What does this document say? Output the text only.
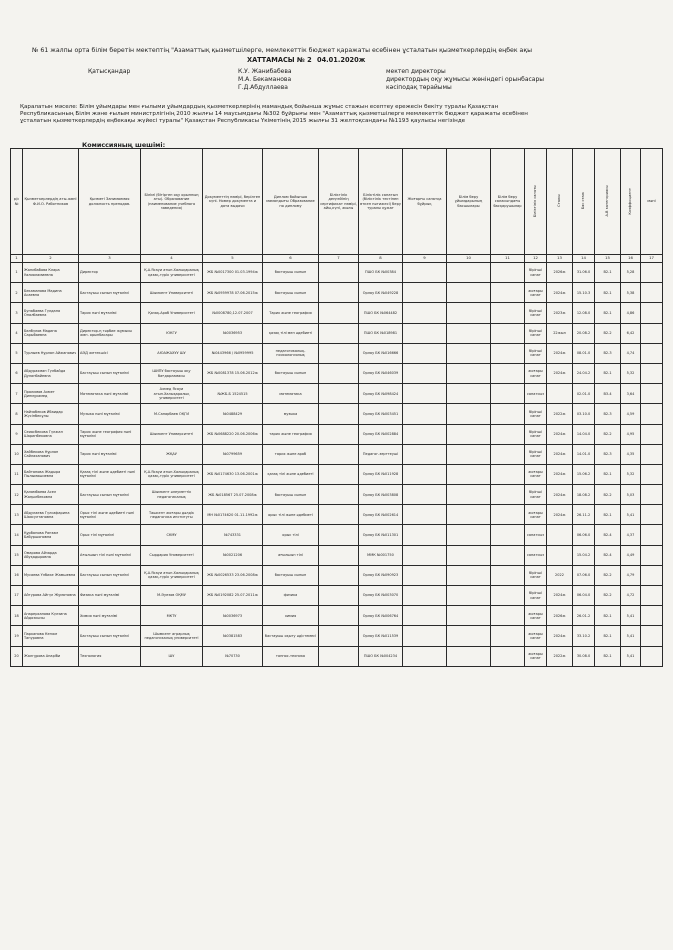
№ 61 жалпы орта білім беретін мектептің "Азаматтық қызметшілерге, мемлекеттік бюджет қаражаты есебінен ұсталатын қызметкерлердің еңбек ақы
ХАТТАМАСЫ № 2 04.01.2020ж
Қатысқандар	К.У. Жанибабева	мектеп директоры
М.А. Бекаманова	директордың оқу жұмысы жөніндегі орынбасары
Г.Д.Абдуллаева	кәсіподақ төрайымы
Қаралатын мәселе: Білім ұйымдары мен ғылыми ұйымдардың қызметкерлерінің мамандық бойынша жұмыс стажын есептеу ережесін бекіту туралы Қазақстан
Республикасының Білім және ғылым министрлігінің 2010 жылғы 14 маусымдағы №302 бұйрығы мен "Азаматтық қызметшілерге мемлекеттік бюджет қаражаты есебінен
ұсталатын қызметкерлердің еңбекақы жүйесі туралы" Қазақстан Республикасы Үкіметінің 2015 жылғы 31 желтоқсандағы №1193 қаулысы негізінде
Комиссияның шешімі:
р/с №	Қызметкерлердің аты-жөні Ф.И.О. Работников	Қызметі Занимаемая должность преподав.	Білімі (бітірген оқу орынның аты). Образование (наименование учебного заведения)	Документтің нөмірі, берілген күні. Номер документа и дата выдачи	Диплом бойынша мамандығы Образование по диплому	Біліктілік деңгейінің сертификат нөмірі, айы,күні, жылы	Біліктілік санатын (біліктілік тестінен өткен нәтижесі) беру туралы құжат	Жоғарғы санатқа бұйрық	Білім беру ұйымдарының басшылары	Білім беру саласындағы басқарушылар	Біліктілік санаты	Стажы	Бас стаж	A-B категориясы	Коэффициент	мәні
1	2	3	4	5	6	7	8	9	10	11	12	13	14	15	16	17
1	Жанибабова Клара Уалиоламиевна	Директор	Қ.А.Ясауи атын.Халықаралық қазақ-түрік университеті	ЖБ №0017300 01.03.1994ж	бастауыш сынып		ПШО БК №00384				бірінші санат	2026ж	31.06.0	B2-1	5,28	
2	Бекаманова Мадина Асаевна	Бастауыш сынып мұғалімі	Шымкент Университеті	ЖБ №0959978 07.06.2015ж	бастауыш сынып		Орлау БК №049228				жоғары санат	2024ж	15.10.3	B2-1	5,38	
3	Бупабаева Гүлдана Оналбаевна	Тарих пәні мұғалімі	Қазақ-Араб Университеті	№0008780,12.07.2007	Тарих және география		ПШО БК №064482				бірінші санат	2023ж	12.08.0	B2-1	4,86	
4	Бөлбүлов Мадина Сарыбаевна	Директор-ң тәрбие жұмысы жөн. орынбасары	ЮКГУ	№0036953	қазақ тілі мен әдебиеті		ПШО БК №018981				бірінші санат	22жыл	20.08.2	B2-2	6,42	
5	Турлыев Нұрлан Айжанович	АӘД жетекшісі	АЮАЖАХУУ ШУ	№0443966 / №0959995	педагогикалық-психологиялық		Орлау БК №016666				бірінші санат	2024ж	08.01.0	B2-3	4,74	
6	Абдурахман Гүлбайда Дуланбайевна	Бастауыш сынып мұғалімі	ШИПУ бастауыш оқу бағдарламасы	ЖБ №0081378 15.06.2012ж	бастауыш сынып		Орлау БК №046039				жоғары санат	2024ж	24.04.2	B2-1	5,32	
7	Пралимов Ахмет Динмұхамед	Математика пәні мұғалімі	Ахмед Ясауи атын.Халықаралық университеті	№ЖБ-Б 1524515	математика		Орлау БК №098424				санатсыз		02.01.0	B3-4	3,64	
8	Найзабеков Ибаидар Жүсіпбекұлы	Музыка пәні мұғалімі	М.Сапарбаев ОҚГИ	№0488429	музыка		Орлау БК №003451				бірінші санат	2022ж	03.10.0	B2-3	4,59	
9	Сеиасбекова Гүлжан Шарипбековна	Тарих және география пәні мұғалімі	Шымкент Университеті	ЖБ №0688220 20.06.2006ж	тарих және география		Орлау БК №002884				бірінші санат	2024ж	14.04.0	B2-2	4,95	
10	Хайбекова Нұрлан Сайлаханович	Тарих пәні мұғалімі	ЖҚАУ	№0799659	тарих және араб		Педагог-зерттеуші				бірінші санат	2024ж	14.01.0	B2-3	4,35	
11	Байтанова Жадыра Пылымашиевна	Қазақ тілі және әдебиеті пәні мұғалімі	Қ.А.Ясауи атын.Халықаралық қазақ-түрік университеті	ЖБ №0174630 13.06.2001ж	қазақ тілі және әдебиеті		Орлау БК №011928				жоғары санат	2024ж	15.06.2	B2-1	5,32	
12	Қаламбаева Асел Жаңылбековна	Бастауыш сынып мұғалімі	Шымкент әлеуметтік педагогикалық	ЖБ №018567 25.07.2008ж	бастауыш сынып		Орлау БК №003808				бірінші санат	2024ж	18.08.2	B2-2	5,03	
13	Абдулаева Гүлсафарина Шаясултановна	Орыс тілі және әдебиеті пәні мұғалімі	Ташкент жоғары дәлдік педагогика институты	МН №0174620 01.11.1992ж	орыс тілі және әдебиеті		Орлау БК №002614				жоғары санат	2024ж	26.11.2	B2-1	5,41	
14	Құрбанова Ранзам Бабуршоновна	Орыс тілі мұғалімі	СКМУ	№743331	орыс тілі		Орлау БК №011301				санатсыз		06.06.0	B2-4	4,37	
15	Омарова Айзарда Абуқадыровна	Ағылшын тілі пәні мұғалімі	Сырдария Университеті	№0021206	ағылшын тілі		ММК №001750				санатсыз		15.04.2	B2-4	4,49	
16	Мусаева Үлбике Жамшевна	Бастауыш сынып мұғалімі	Қ.А.Ясауи атын.Халықаралық қазақ-түрік университеті	ЖБ №0026533 23.06.2008ж	бастауыш сынып		Орлау БК №090923				бірінші санат	2022	07.06.0	B2-2	4,79	
17	Айтурова Айгүл Жұматовна	Физика пәні мұғалімі	М.Әуезов ОҚМУ	ЖБ №0192082 25.07.2011ж	физика		Орлау БК №003070				бірінші санат	2024ж	06.04.0	B2-2	4,72	
18	Анарерханова Күлзипа Айдозкызы	Химия пәні мұғалімі	МКТУ	№0036973	химия		Орлау БК №006764				жоғары санат	2026ж	26.01.2	B2-1	5,41	
19	Парканова Кенже Тапуровна	Бастауыш сынып мұғалімі	Шымкент аграрлық педагогикалық университеті	№0381583	бастауыш оқыту әдістемесі		Орлау БК №011539				жоғары санат	2024ж	33.10.2	B2-1	5,41	
20	Жалгұрова Анаріби	Технология	ШУ	№70730	тоннос-техника		ПШО БК №004234				жоғары санат	2022ж	30.08.0	B2-1	5,41	
